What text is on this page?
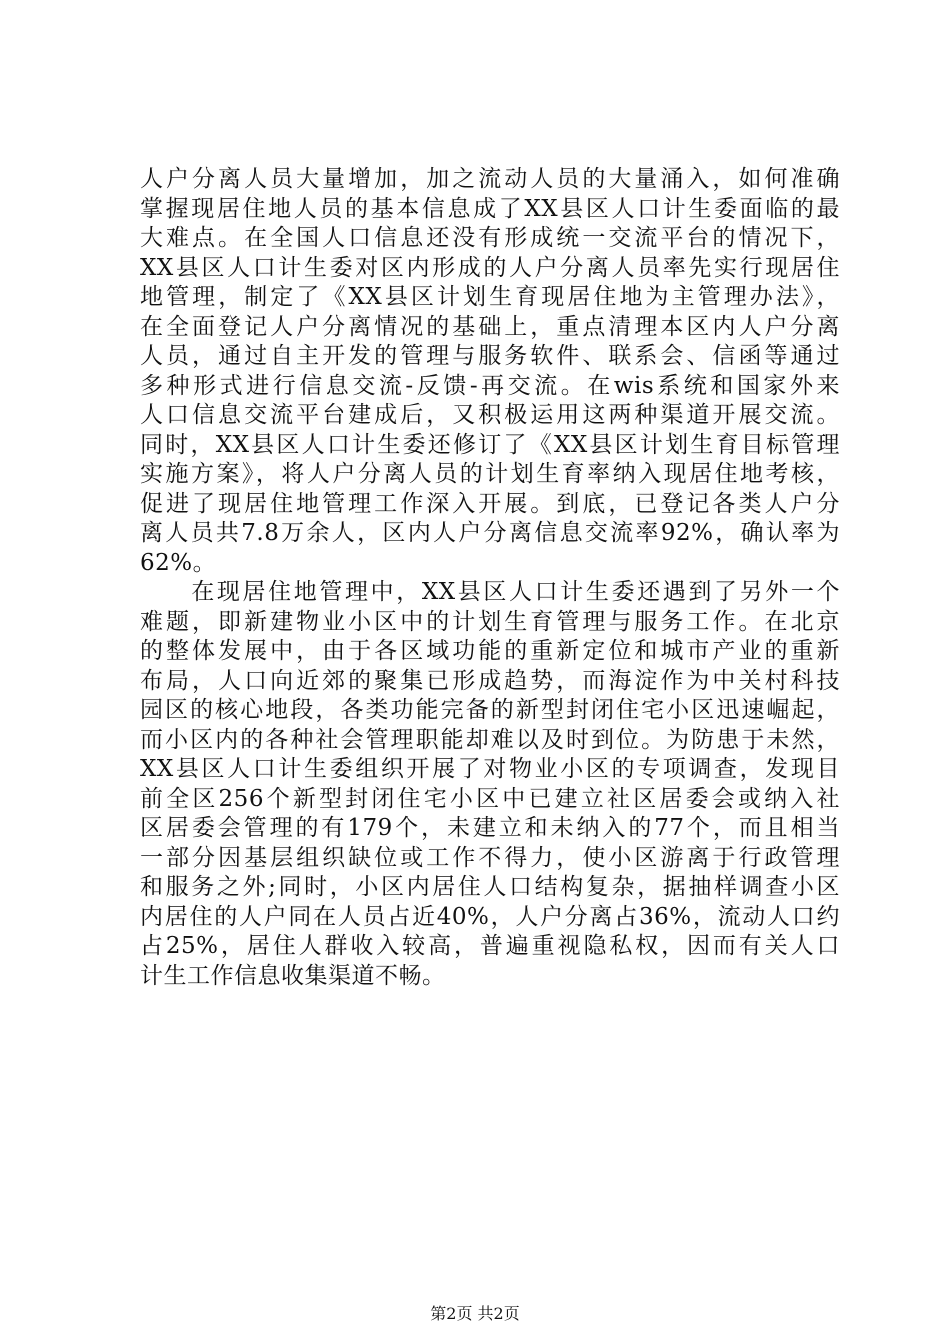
人户分离人员大量增加，加之流动人员的大量涌入，如何准确
掌握现居住地人员的基本信息成了XX县区人口计生委面临的最
大难点。在全国人口信息还没有形成统一交流平台的情况下，
XX县区人口计生委对区内形成的人户分离人员率先实行现居住
地管理，制定了《XX县区计划生育现居住地为主管理办法》，
在全面登记人户分离情况的基础上，重点清理本区内人户分离
人员，通过自主开发的管理与服务软件、联系会、信函等通过
多种形式进行信息交流-反馈-再交流。在wis系统和国家外来
人口信息交流平台建成后，又积极运用这两种渠道开展交流。
同时，XX县区人口计生委还修订了《XX县区计划生育目标管理
实施方案》，将人户分离人员的计划生育率纳入现居住地考核，
促进了现居住地管理工作深入开展。到底，已登记各类人户分
离人员共7.8万余人，区内人户分离信息交流率92%，确认率为
62%。
　　在现居住地管理中，XX县区人口计生委还遇到了另外一个
难题，即新建物业小区中的计划生育管理与服务工作。在北京
的整体发展中，由于各区域功能的重新定位和城市产业的重新
布局，人口向近郊的聚集已形成趋势，而海淀作为中关村科技
园区的核心地段，各类功能完备的新型封闭住宅小区迅速崛起，
而小区内的各种社会管理职能却难以及时到位。为防患于未然，
XX县区人口计生委组织开展了对物业小区的专项调查，发现目
前全区256个新型封闭住宅小区中已建立社区居委会或纳入社
区居委会管理的有179个，未建立和未纳入的77个，而且相当
一部分因基层组织缺位或工作不得力，使小区游离于行政管理
和服务之外;同时，小区内居住人口结构复杂，据抽样调查小区
内居住的人户同在人员占近40%，人户分离占36%，流动人口约
占25%，居住人群收入较高，普遍重视隐私权，因而有关人口
计生工作信息收集渠道不畅。
第2页 共2页
